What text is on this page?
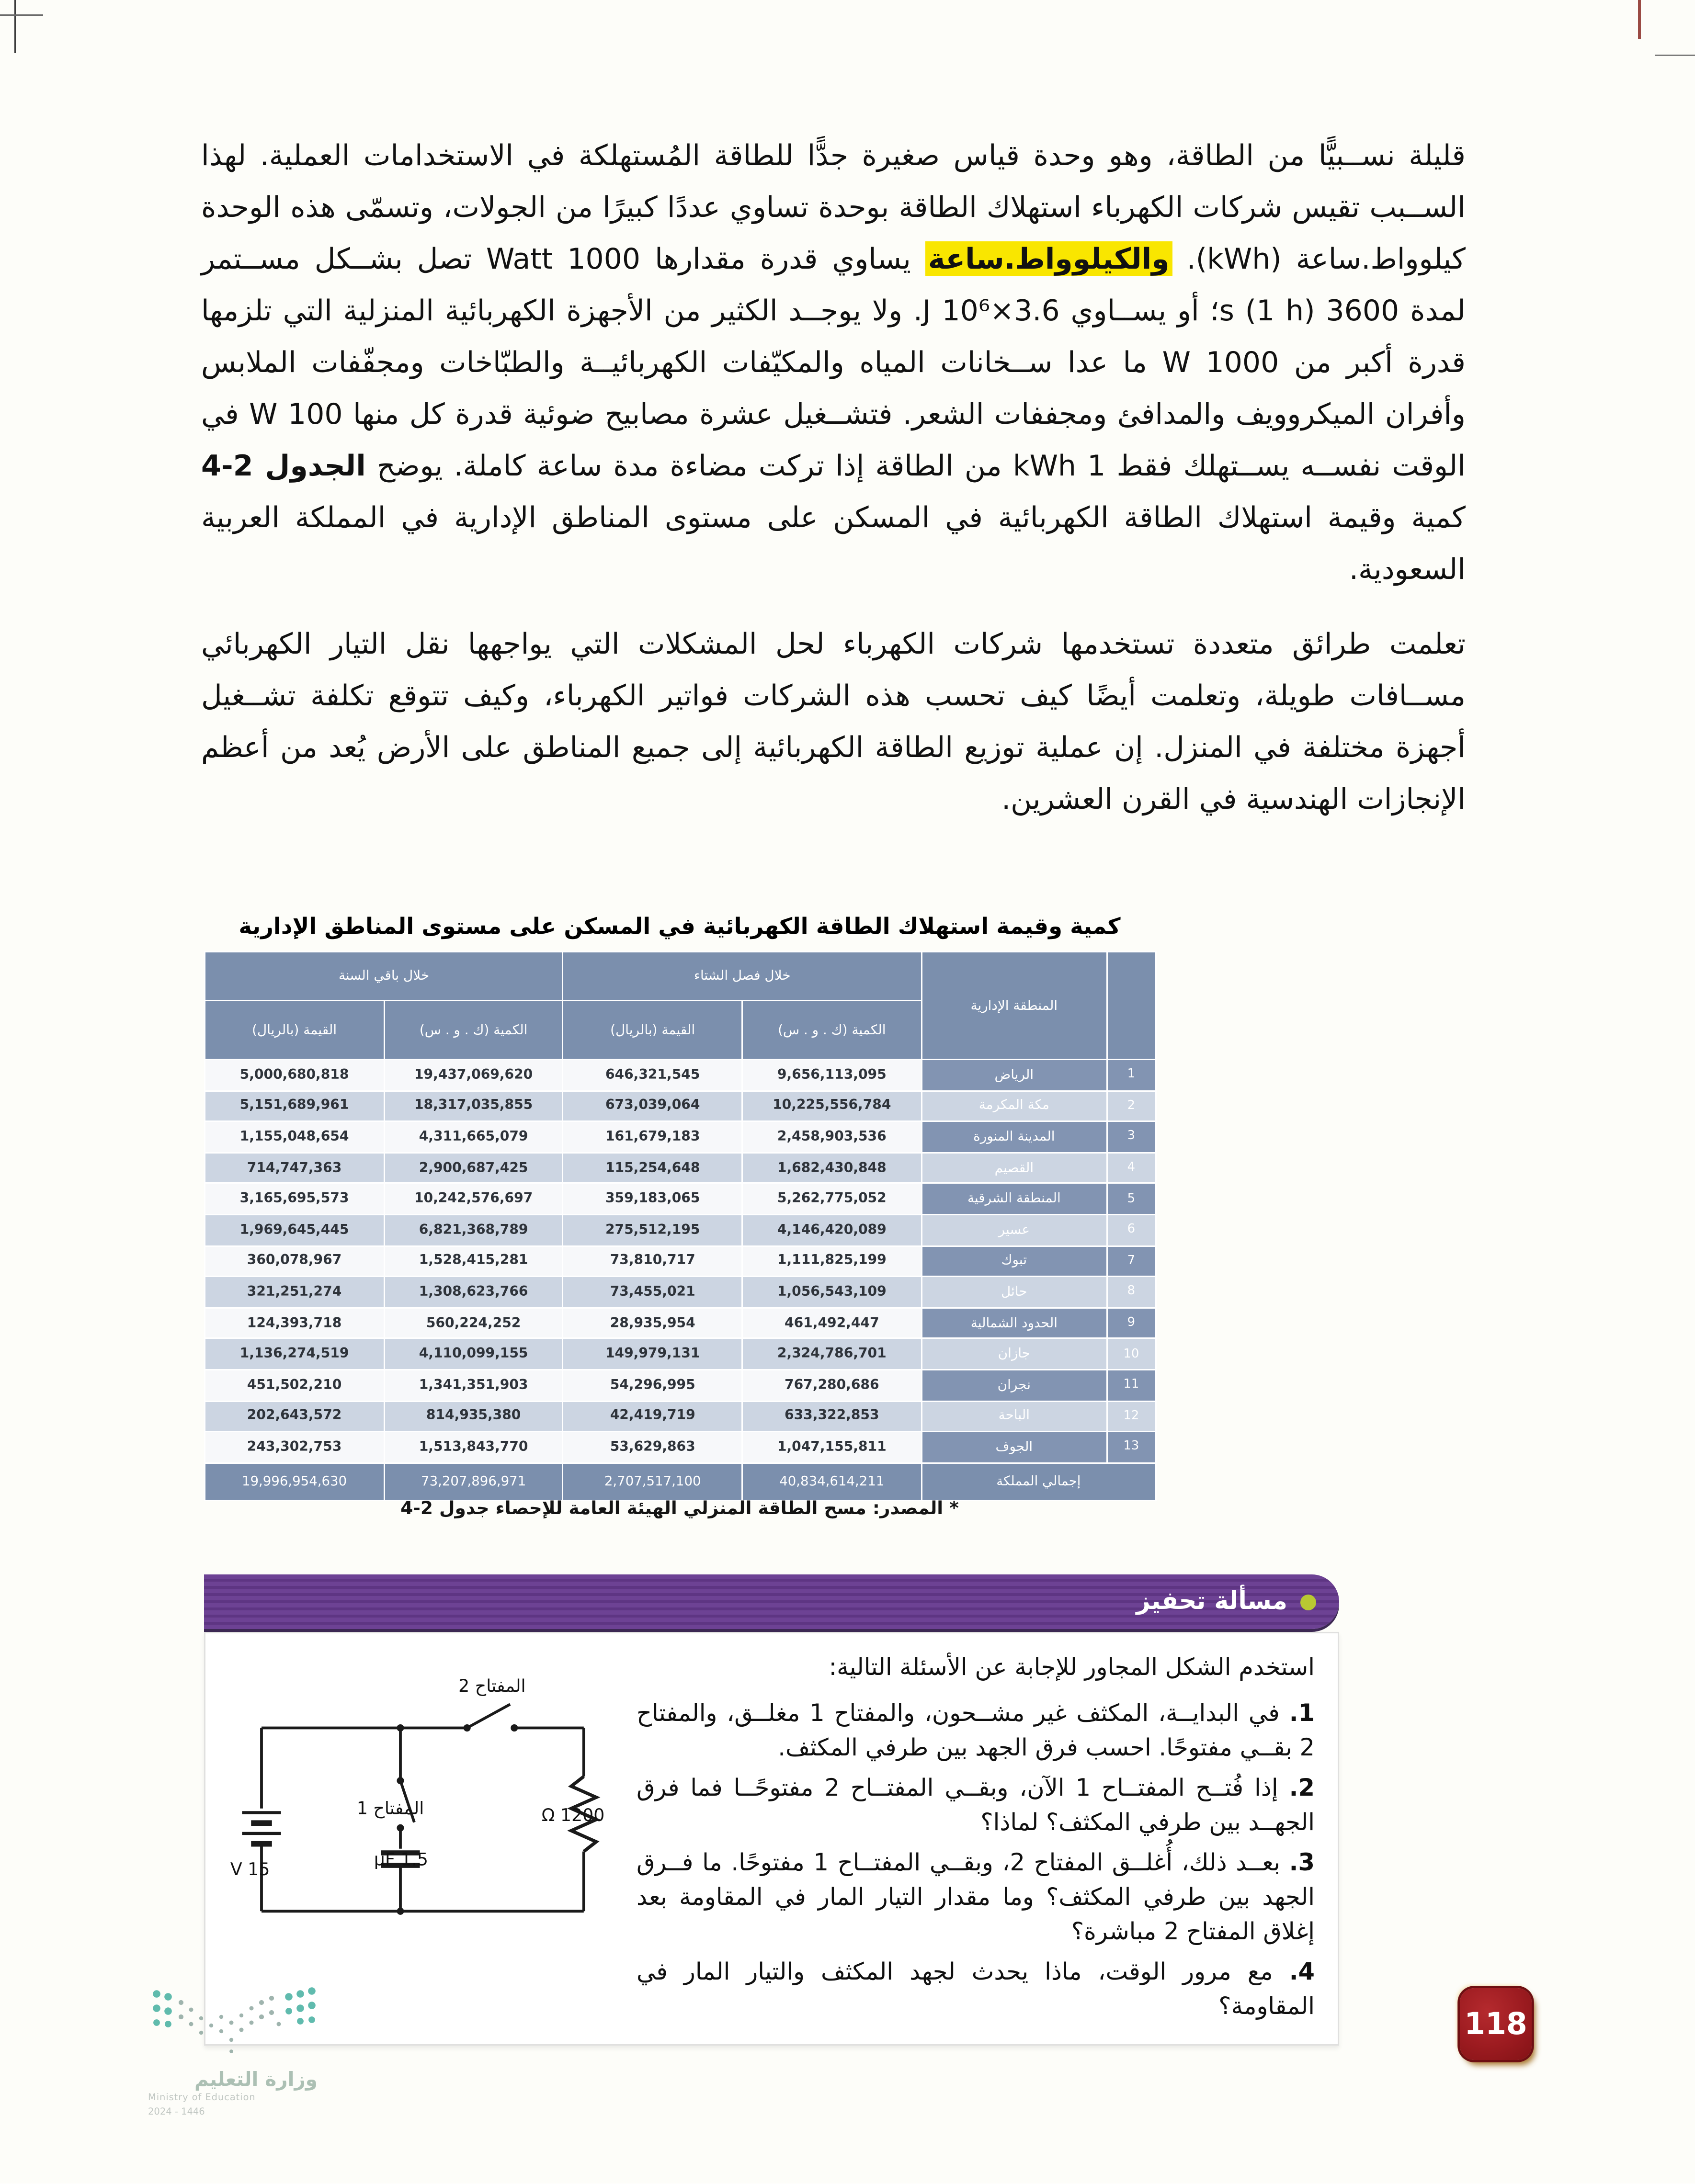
قليلة نســبيًّا من الطاقة، وهو وحدة قياس صغيرة جدًّا للطاقة المُستهلكة في الاستخدامات العملية. لهذا الســبب تقيس شركات الكهرباء استهلاك الطاقة بوحدة تساوي عددًا كبيرًا من الجولات، وتسمّى هذه الوحدة كيلوواط.ساعة (kWh). والكيلوواط.ساعة يساوي قدرة مقدارها 1000 Watt تصل بشــكل مســتمر لمدة 3600 s (1 h)؛ أو يســاوي 3.6×10⁶ J. ولا يوجــد الكثير من الأجهزة الكهربائية المنزلية التي تلزمها قدرة أكبر من 1000 W ما عدا ســخانات المياه والمكيّفات الكهربائيــة والطبّاخات ومجفّفات الملابس وأفران الميكروويف والمدافئ ومجففات الشعر. فتشــغيل عشرة مصابيح ضوئية قدرة كل منها 100 W في الوقت نفســه يســتهلك فقط 1 kWh من الطاقة إذا تركت مضاءة مدة ساعة كاملة. يوضح الجدول 2-4 كمية وقيمة استهلاك الطاقة الكهربائية في المسكن على مستوى المناطق الإدارية في المملكة العربية السعودية.

تعلمت طرائق متعددة تستخدمها شركات الكهرباء لحل المشكلات التي يواجهها نقل التيار الكهربائي مســافات طويلة، وتعلمت أيضًا كيف تحسب هذه الشركات فواتير الكهرباء، وكيف تتوقع تكلفة تشــغيل أجهزة مختلفة في المنزل. إن عملية توزيع الطاقة الكهربائية إلى جميع المناطق على الأرض يُعد من أعظم الإنجازات الهندسية في القرن العشرين.

كمية وقيمة استهلاك الطاقة الكهربائية في المسكن على مستوى المناطق الإدارية
	المنطقة الإدارية	خلال فصل الشتاء		خلال باقي السنة	
		الكمية (ك . و . س)	القيمة (بالريال)	الكمية (ك . و . س)	القيمة (بالريال)
1	الرياض	9,656,113,095	646,321,545	19,437,069,620	5,000,680,818
2	مكة المكرمة	10,225,556,784	673,039,064	18,317,035,855	5,151,689,961
3	المدينة المنورة	2,458,903,536	161,679,183	4,311,665,079	1,155,048,654
4	القصيم	1,682,430,848	115,254,648	2,900,687,425	714,747,363
5	المنطقة الشرقية	5,262,775,052	359,183,065	10,242,576,697	3,165,695,573
6	عسير	4,146,420,089	275,512,195	6,821,368,789	1,969,645,445
7	تبوك	1,111,825,199	73,810,717	1,528,415,281	360,078,967
8	حائل	1,056,543,109	73,455,021	1,308,623,766	321,251,274
9	الحدود الشمالية	461,492,447	28,935,954	560,224,252	124,393,718
10	جازان	2,324,786,701	149,979,131	4,110,099,155	1,136,274,519
11	نجران	767,280,686	54,296,995	1,341,351,903	451,502,210
12	الباحة	633,322,853	42,419,719	814,935,380	202,643,572
13	الجوف	1,047,155,811	53,629,863	1,513,843,770	243,302,753
إجمالي المملكة		40,834,614,211	2,707,517,100	73,207,896,971	19,996,954,630
* المصدر: مسح الطاقة المنزلي الهيئة العامة للإحصاء جدول 2-4
مسألة تحفيز

استخدم الشكل المجاور للإجابة عن الأسئلة التالية:

1. في البدايــة، المكثف غير مشــحون، والمفتاح 1 مغلــق، والمفتاح 2 بقــي مفتوحًا. احسب فرق الجهد بين طرفي المكثف.

2. إذا فُتــح المفتــاح 1 الآن، وبقــي المفتــاح 2 مفتوحًــا فما فرق الجهــد بين طرفي المكثف؟ لماذا؟

3. بعــد ذلك، أُغلــق المفتاح 2، وبقــي المفتــاح 1 مفتوحًا. ما فــرق الجهد بين طرفي المكثف؟ وما مقدار التيار المار في المقاومة بعد إغلاق المفتاح 2 مباشرة؟

4. مع مرور الوقت، ماذا يحدث لجهد المكثف والتيار المار في المقاومة؟

المفتاح 2
المفتاح 1
1.5 μF
1200 Ω
15 V
وزارة التعليم
Ministry of Education
2024 - 1446
118
